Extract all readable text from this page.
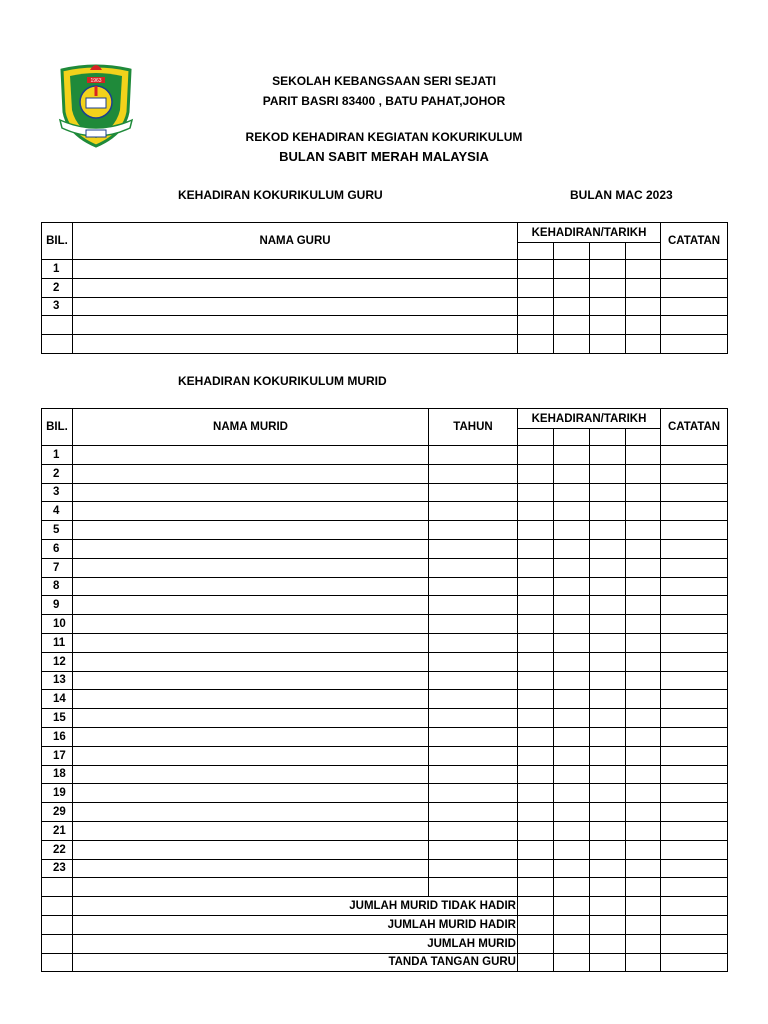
1963	SEKOLAH KEBANGSAAN SERI SEJATI
PARIT BASRI 83400 , BATU PAHAT,JOHOR
REKOD KEHADIRAN KEGIATAN KOKURIKULUM
BULAN SABIT MERAH MALAYSIA
KEHADIRAN KOKURIKULUM GURU	BULAN MAC 2023
BIL.	NAMA GURU	KEHADIRAN/TARIKH				CATATAN

1						
2						
3						

KEHADIRAN KOKURIKULUM MURID
BIL.	NAMA MURID	TAHUN	KEHADIRAN/TARIKH				CATATAN

1							
2							
3							
4							
5							
6							
7							
8							
9							
10							
11							
12							
13							
14							
15							
16							
17							
18							
19							
29							
21							
22							
23							

	JUMLAH MURID TIDAK HADIR						
	JUMLAH MURID HADIR						
	JUMLAH MURID						
	TANDA TANGAN GURU						
